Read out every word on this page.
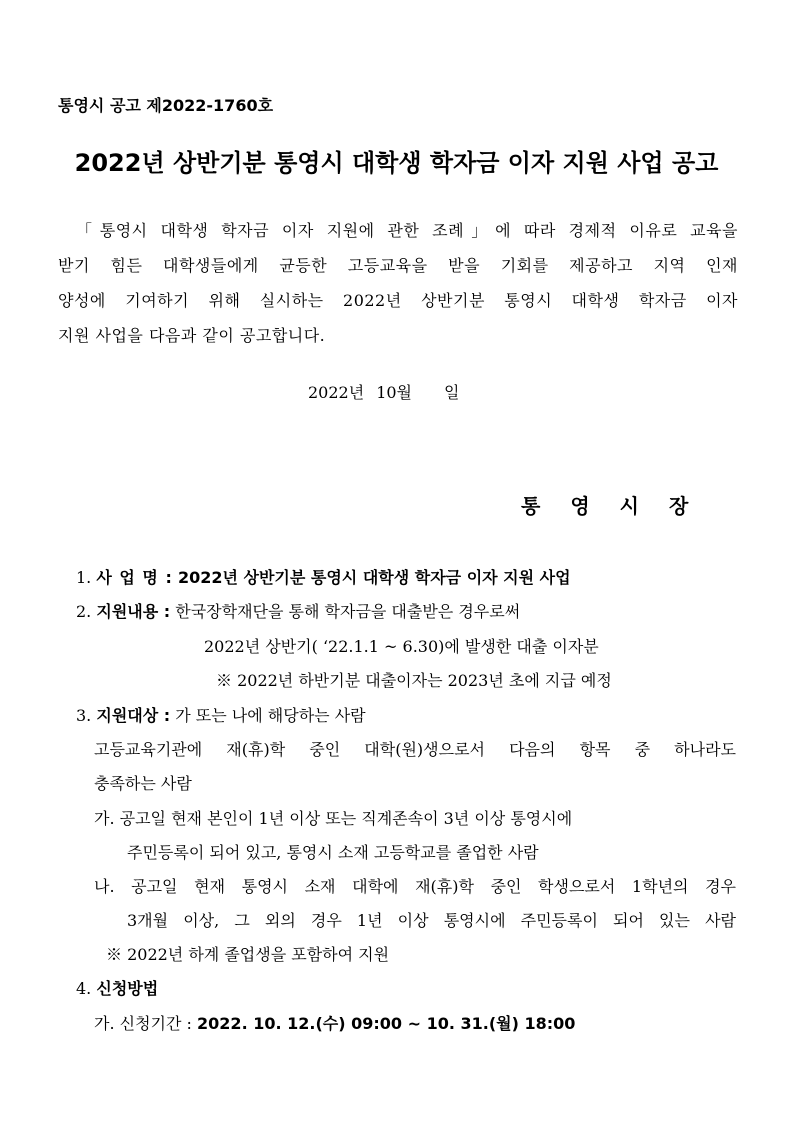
통영시 공고 제2022-1760호
2022년 상반기분 통영시 대학생 학자금 이자 지원 사업 공고
「통영시 대학생 학자금 이자 지원에 관한 조례」에 따라 경제적 이유로 교육을
받기 힘든 대학생들에게 균등한 고등교육을 받을 기회를 제공하고 지역 인재
양성에 기여하기 위해 실시하는 2022년 상반기분 통영시 대학생 학자금 이자
지원 사업을 다음과 같이 공고합니다.
2022년 10월 일
통영시장
1. 사 업 명 : 2022년 상반기분 통영시 대학생 학자금 이자 지원 사업
2. 지원내용 : 한국장학재단을 통해 학자금을 대출받은 경우로써
2022년 상반기( ‘22.1.1 ~ 6.30)에 발생한 대출 이자분
※ 2022년 하반기분 대출이자는 2023년 초에 지급 예정
3. 지원대상 : 가 또는 나에 해당하는 사람
고등교육기관에 재(휴)학 중인 대학(원)생으로서 다음의 항목 중 하나라도
충족하는 사람
가. 공고일 현재 본인이 1년 이상 또는 직계존속이 3년 이상 통영시에
주민등록이 되어 있고, 통영시 소재 고등학교를 졸업한 사람
나. 공고일 현재 통영시 소재 대학에 재(휴)학 중인 학생으로서 1학년의 경우
3개월 이상, 그 외의 경우 1년 이상 통영시에 주민등록이 되어 있는 사람
※ 2022년 하계 졸업생을 포함하여 지원
4. 신청방법
가. 신청기간 : 2022. 10. 12.(수) 09:00 ~ 10. 31.(월) 18:00
